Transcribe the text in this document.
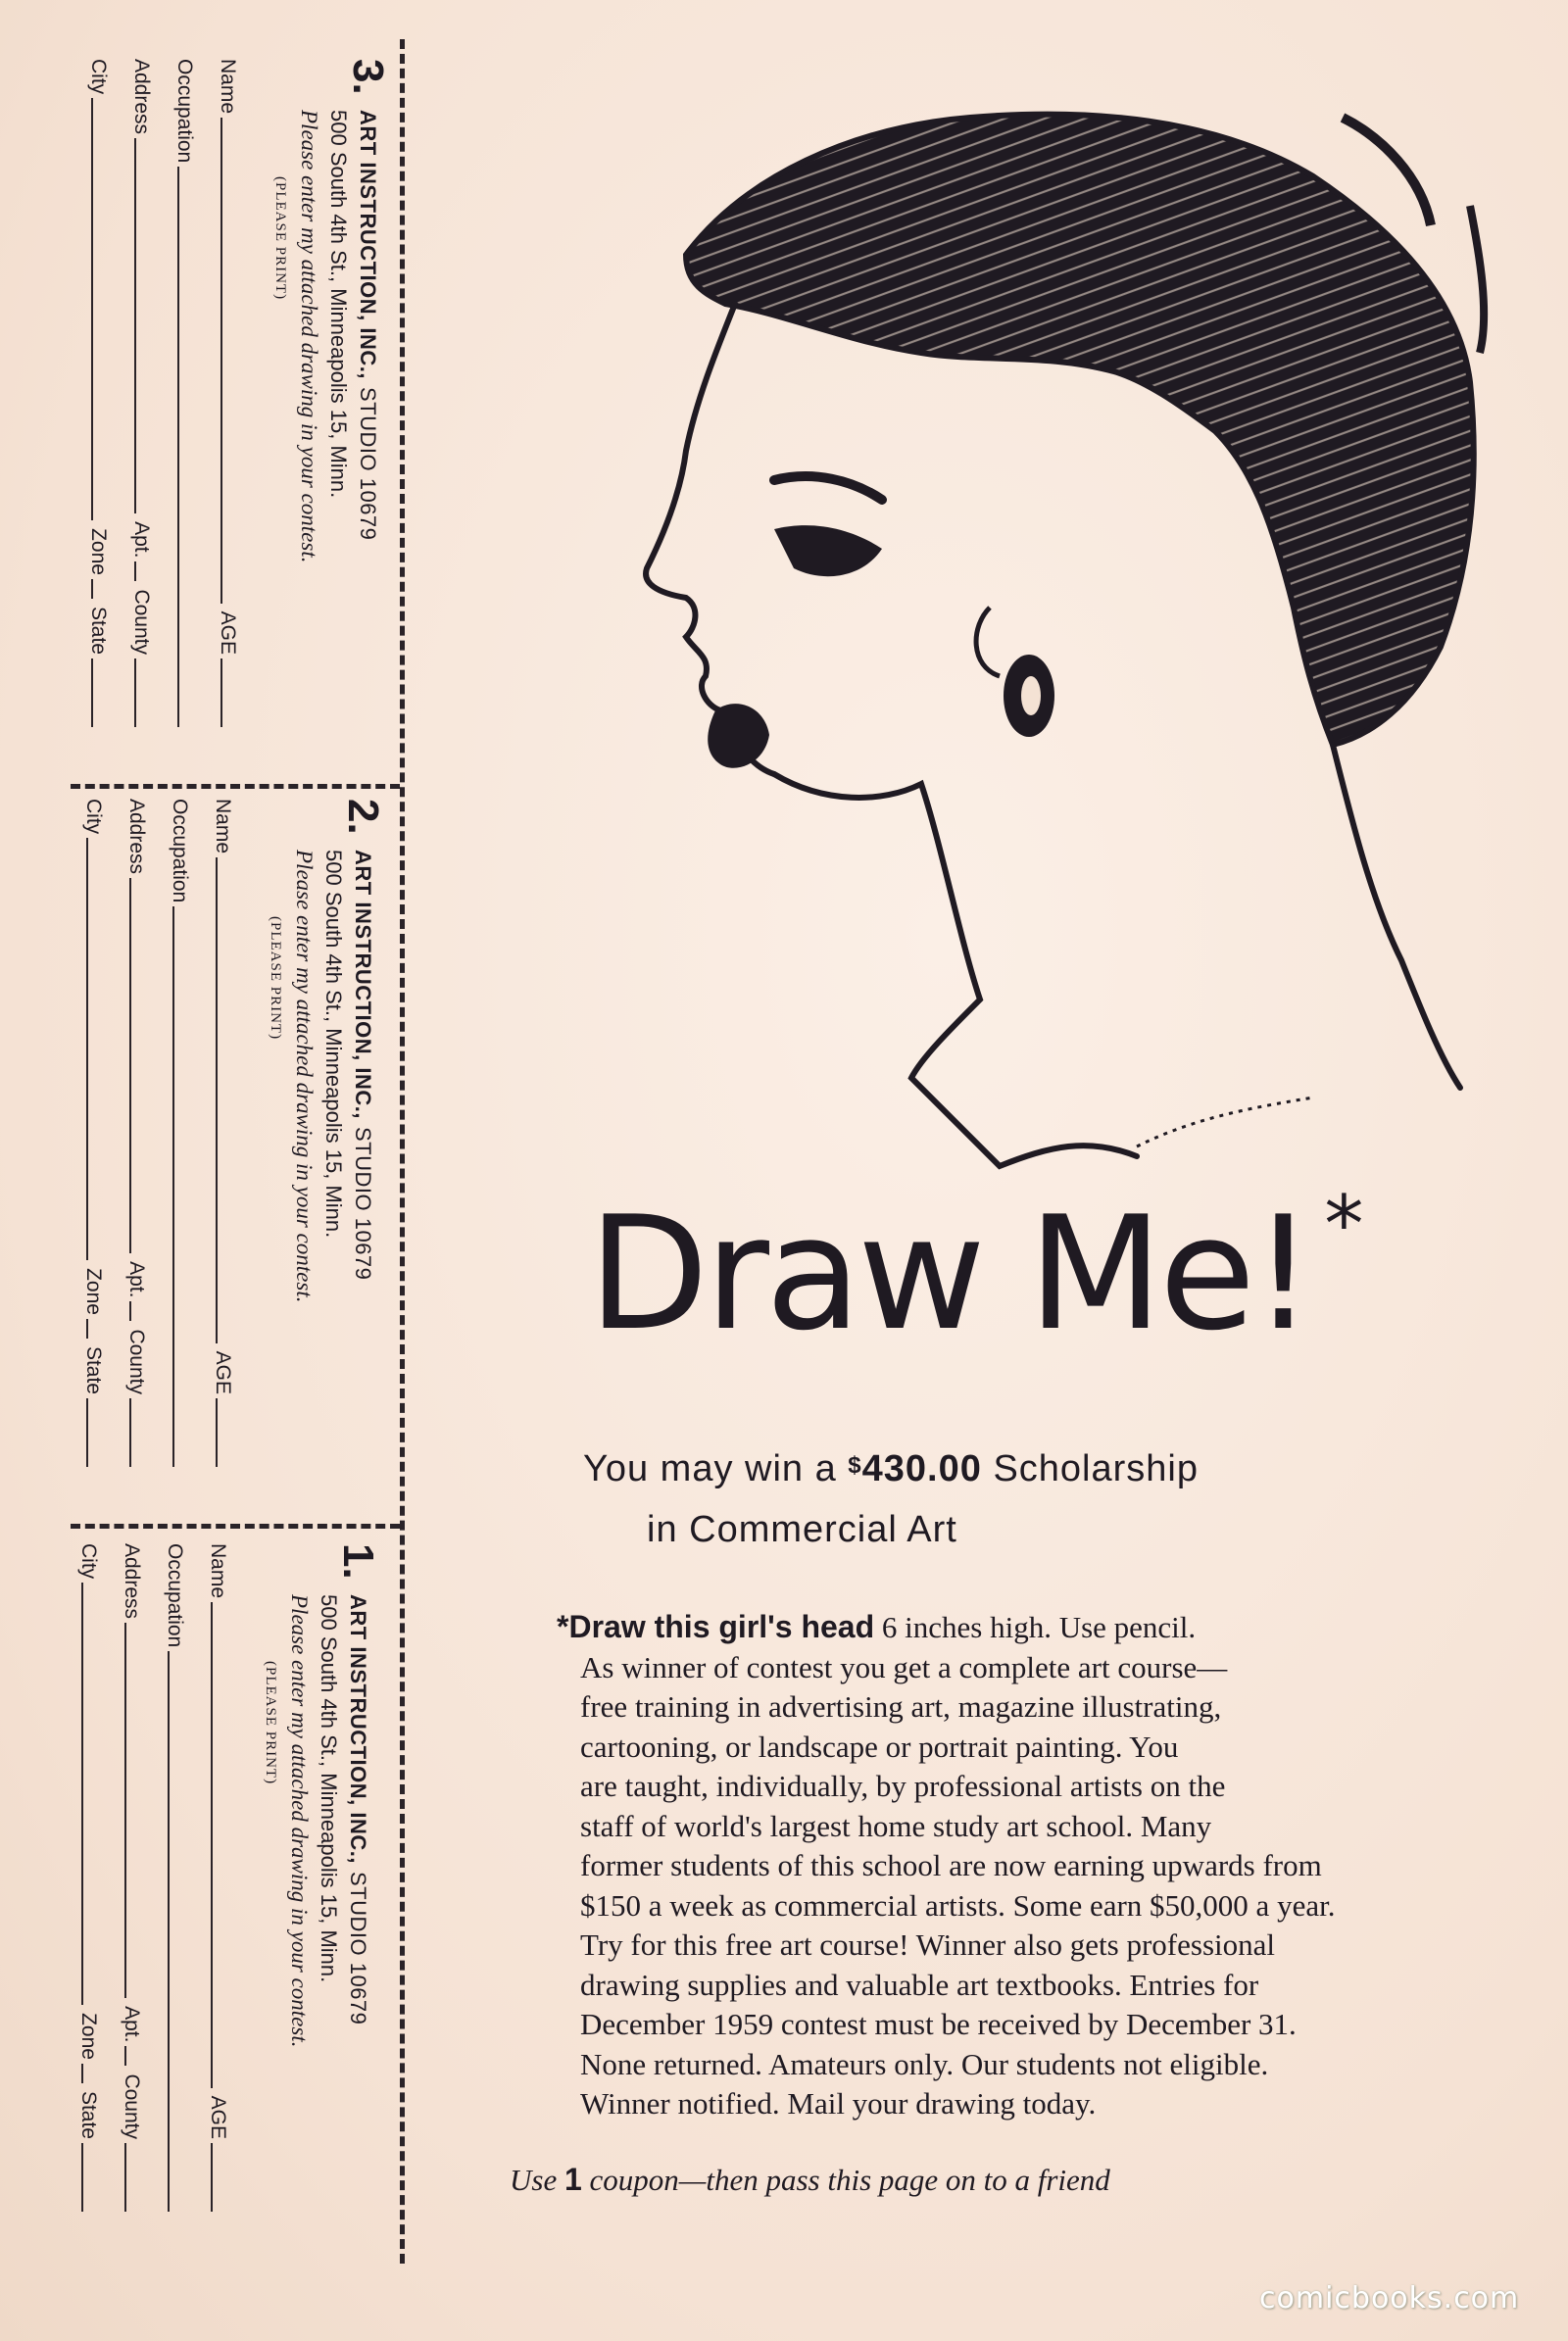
3.
ART INSTRUCTION, INC.,STUDIO 10679
500 South 4th St., Minneapolis 15, Minn.
Please enter my attached drawing in your contest.
(PLEASE PRINT)
Name
AGE
Occupation
Address
Apt.
County
City
Zone
State
2.
ART INSTRUCTION, INC.,STUDIO 10679
500 South 4th St., Minneapolis 15, Minn.
Please enter my attached drawing in your contest.
(PLEASE PRINT)
Name
AGE
Occupation
Address
Apt.
County
City
Zone
State
1.
ART INSTRUCTION, INC.,STUDIO 10679
500 South 4th St., Minneapolis 15, Minn.
Please enter my attached drawing in your contest.
(PLEASE PRINT)
Name
AGE
Occupation
Address
Apt.
County
City
Zone
State
Draw Me! *
You may win a $430.00 Scholarship
in Commercial Art
*Draw this girl's head 6 inches high. Use pencil.
As winner of contest you get a complete art course—
free training in advertising art, magazine illustrating,
cartooning, or landscape or portrait painting. You
are taught, individually, by professional artists on the
staff of world's largest home study art school. Many
former students of this school are now earning upwards from
$150 a week as commercial artists. Some earn $50,000 a year.
Try for this free art course! Winner also gets professional
drawing supplies and valuable art textbooks. Entries for
December 1959 contest must be received by December 31.
None returned. Amateurs only. Our students not eligible.
Winner notified. Mail your drawing today.
Use 1 coupon—then pass this page on to a friend
comicbooks.com
